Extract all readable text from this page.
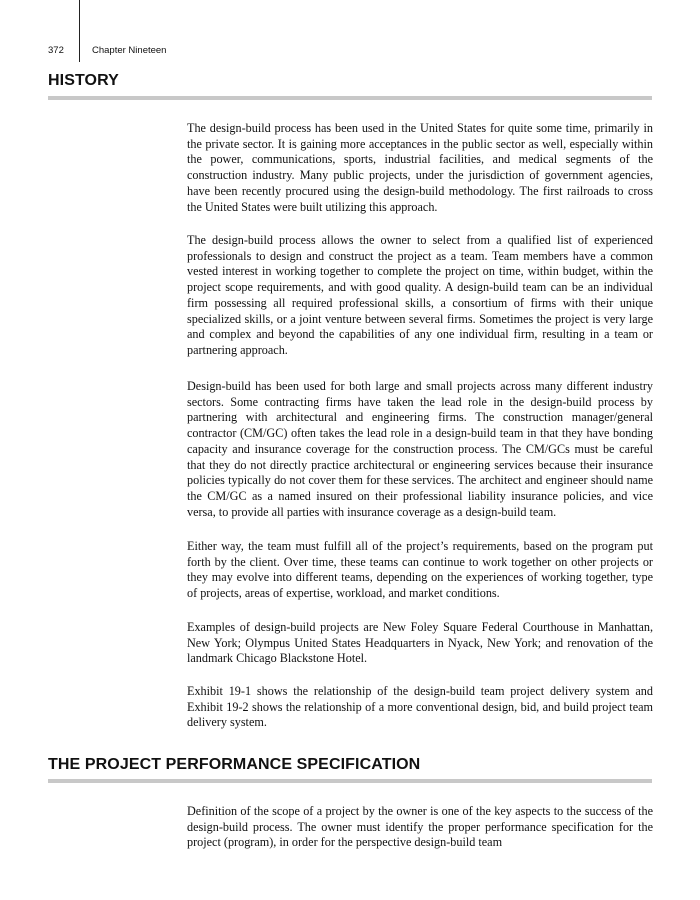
372	Chapter Nineteen
HISTORY

The design-build process has been used in the United States for quite some time, primarily in the private sector. It is gaining more acceptances in the public sector as well, especially within the power, communications, sports, industrial facilities, and medical segments of the construction industry. Many public projects, under the jurisdiction of government agencies, have been recently procured using the design-build methodology. The first railroads to cross the United States were built utilizing this approach.

The design-build process allows the owner to select from a qualified list of experienced professionals to design and construct the project as a team. Team members have a common vested interest in working together to complete the project on time, within budget, within the project scope requirements, and with good quality. A design-build team can be an individual firm possessing all required professional skills, a consortium of firms with their unique specialized skills, or a joint venture between several firms. Sometimes the project is very large and complex and beyond the capabilities of any one individual firm, resulting in a team or partnering approach.

Design-build has been used for both large and small projects across many different industry sectors. Some contracting firms have taken the lead role in the design-build process by partnering with architectural and engineering firms. The construction manager/general contractor (CM/GC) often takes the lead role in a design-build team in that they have bonding capacity and insurance coverage for the construction process. The CM/GCs must be careful that they do not directly practice architectural or engineering services because their insurance policies typically do not cover them for these services. The architect and engineer should name the CM/GC as a named insured on their professional liability insurance policies, and vice versa, to provide all parties with insurance coverage as a design-build team.

Either way, the team must fulfill all of the project’s requirements, based on the program put forth by the client. Over time, these teams can continue to work together on other projects or they may evolve into different teams, depending on the experiences of working together, type of projects, areas of expertise, workload, and market conditions.

Examples of design-build projects are New Foley Square Federal Courthouse in Manhattan, New York; Olympus United States Headquarters in Nyack, New York; and renovation of the landmark Chicago Blackstone Hotel.

Exhibit 19-1 shows the relationship of the design-build team project delivery system and Exhibit 19-2 shows the relationship of a more conventional design, bid, and build project team delivery system.

THE PROJECT PERFORMANCE SPECIFICATION

Definition of the scope of a project by the owner is one of the key aspects to the success of the design-build process. The owner must identify the proper performance specification for the project (program), in order for the perspective design-build team
